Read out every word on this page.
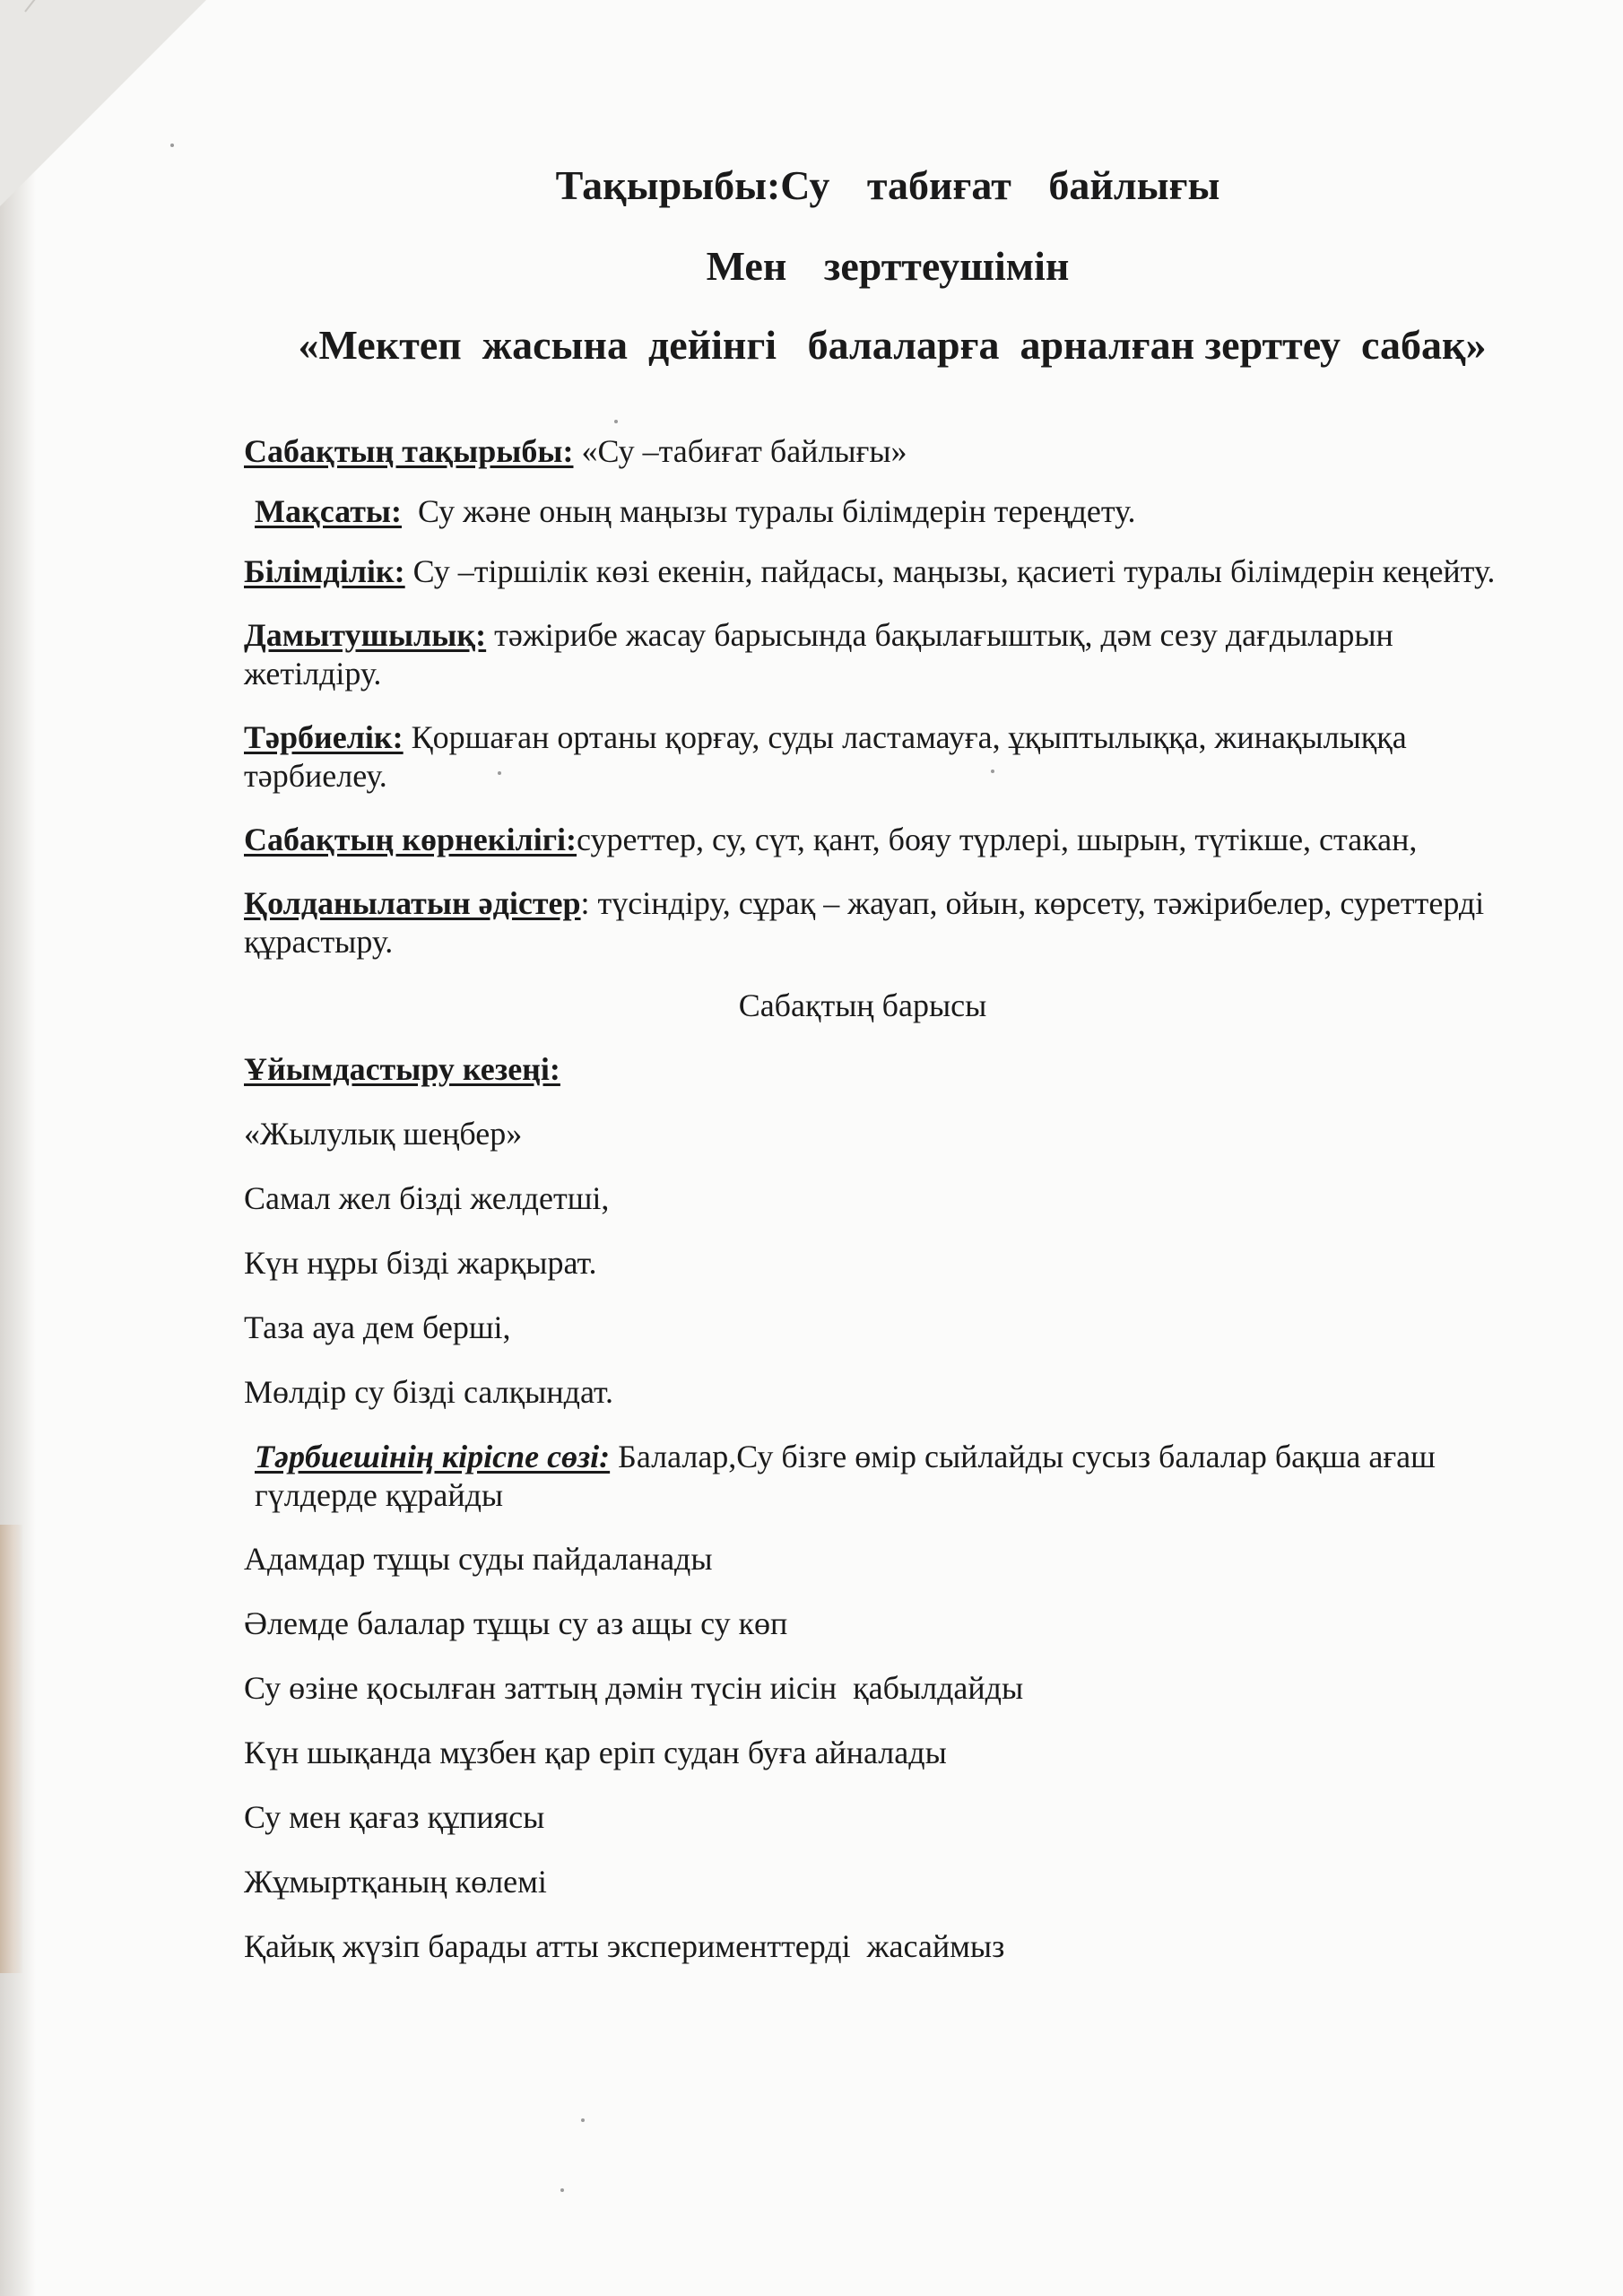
Тақырыбы:Су табиғат байлығы
Мен зерттеушімін
«Мектеп  жасына  дейінгі   балаларға  арналған зерттеу  сабақ»

Сабақтың тақырыбы: «Су –табиғат байлығы»

Мақсаты:  Су және оның маңызы туралы білімдерін тереңдету.

Білімділік: Су –тіршілік көзі екенін, пайдасы, маңызы, қасиеті туралы білімдерін кеңейту.

Дамытушылық: тәжірибе жасау барысында бақылағыштық, дәм сезу дағдыларын жетілдіру.

Тәрбиелік: Қоршаған ортаны қорғау, суды ластамауға, ұқыптылыққа, жинақылыққа тәрбиелеу.

Сабақтың көрнекілігі:суреттер, су, сүт, қант, бояу түрлері, шырын, түтікше, стакан,

Қолданылатын әдістер: түсіндіру, сұрақ – жауап, ойын, көрсету, тәжірибелер, суреттерді құрастыру.

Сабақтың барысы

Ұйымдастыру кезеңі:

«Жылулық шеңбер»

Самал жел бізді желдетші,

Күн нұры бізді жарқырат.

Таза ауа дем берші,

Мөлдір су бізді салқындат.

Тәрбиешінің кіріспе сөзі: Балалар,Су бізге өмір сыйлайды сусыз балалар бақша ағаш гүлдерде құрайды

Адамдар тұщы суды пайдаланады

Әлемде балалар тұщы су аз ащы су көп

Су өзіне қосылған заттың дәмін түсін иісін  қабылдайды

Күн шықанда мұзбен қар еріп судан буға айналады

Су мен қағаз құпиясы

Жұмыртқаның көлемі

Қайық жүзіп барады атты эксперименттерді  жасаймыз
